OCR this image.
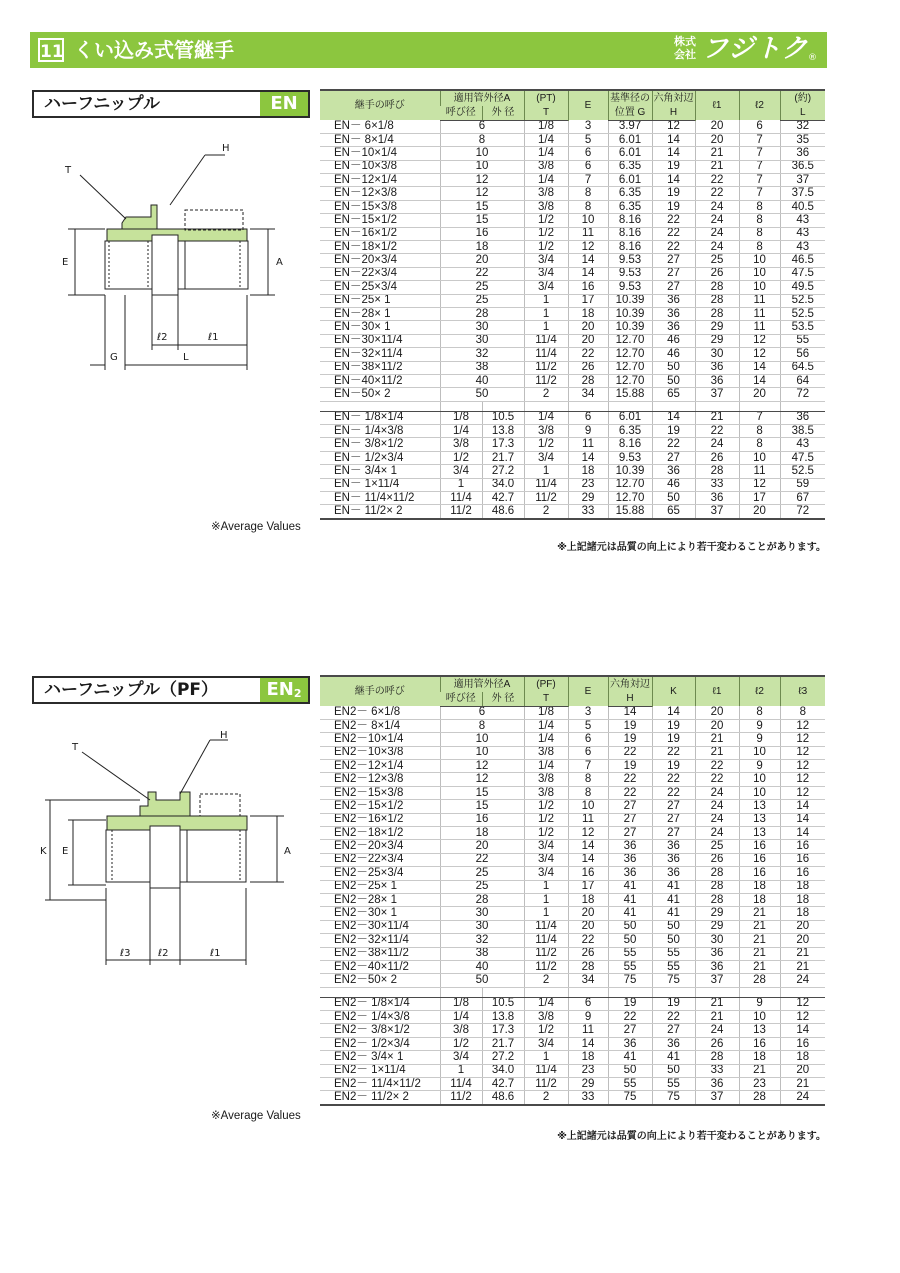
11 くい込み式管継手	株式会社 フジトク ®
ハーフニップル	EN
T
H
E	A
ℓ2	ℓ1
G	L
継手の呼び	適用管外径A		(PT)	E	基準径の	六角対辺	ℓ1	ℓ2	(約)
	呼び径	外 径	T		位置 G	H			L
EN－ 6×1/8	6		1/8	3	3.97	12	20	6	32
EN－ 8×1/4	8		1/4	5	6.01	14	20	7	35
EN－10×1/4	10		1/4	6	6.01	14	21	7	36
EN－10×3/8	10		3/8	6	6.35	19	21	7	36.5
EN－12×1/4	12		1/4	7	6.01	14	22	7	37
EN－12×3/8	12		3/8	8	6.35	19	22	7	37.5
EN－15×3/8	15		3/8	8	6.35	19	24	8	40.5
EN－15×1/2	15		1/2	10	8.16	22	24	8	43
EN－16×1/2	16		1/2	11	8.16	22	24	8	43
EN－18×1/2	18		1/2	12	8.16	22	24	8	43
EN－20×3/4	20		3/4	14	9.53	27	25	10	46.5
EN－22×3/4	22		3/4	14	9.53	27	26	10	47.5
EN－25×3/4	25		3/4	16	9.53	27	28	10	49.5
EN－25× 1	25		1	17	10.39	36	28	11	52.5
EN－28× 1	28		1	18	10.39	36	28	11	52.5
EN－30× 1	30		1	20	10.39	36	29	11	53.5
EN－30×11/4	30		11/4	20	12.70	46	29	12	55
EN－32×11/4	32		11/4	22	12.70	46	30	12	56
EN－38×11/2	38		11/2	26	12.70	50	36	14	64.5
EN－40×11/2	40		11/2	28	12.70	50	36	14	64
EN－50× 2	50		2	34	15.88	65	37	20	72

EN－ 1/8×1/4	1/8	10.5	1/4	6	6.01	14	21	7	36
EN－ 1/4×3/8	1/4	13.8	3/8	9	6.35	19	22	8	38.5
EN－ 3/8×1/2	3/8	17.3	1/2	11	8.16	22	24	8	43
EN－ 1/2×3/4	1/2	21.7	3/4	14	9.53	27	26	10	47.5
EN－ 3/4× 1	3/4	27.2	1	18	10.39	36	28	11	52.5
EN－ 1×11/4	1	34.0	11/4	23	12.70	46	33	12	59
EN－ 11/4×11/2	11/4	42.7	11/2	29	12.70	50	36	17	67
EN－ 11/2× 2	11/2	48.6	2	33	15.88	65	37	20	72
※Average Values
※上記諸元は品質の向上により若干変わることがあります。
ハーフニップル（PF）	$EN_2$
T
H
K E	A
ℓ3	ℓ2	ℓ1
継手の呼び	適用管外径A		(PF)	E	六角対辺	K	ℓ1	ℓ2	ℓ3
	呼び径	外 径	T		H				
EN2－ 6×1/8	6		1/8	3	14	14	20	8	8
EN2－ 8×1/4	8		1/4	5	19	19	20	9	12
EN2－10×1/4	10		1/4	6	19	19	21	9	12
EN2－10×3/8	10		3/8	6	22	22	21	10	12
EN2－12×1/4	12		1/4	7	19	19	22	9	12
EN2－12×3/8	12		3/8	8	22	22	22	10	12
EN2－15×3/8	15		3/8	8	22	22	24	10	12
EN2－15×1/2	15		1/2	10	27	27	24	13	14
EN2－16×1/2	16		1/2	11	27	27	24	13	14
EN2－18×1/2	18		1/2	12	27	27	24	13	14
EN2－20×3/4	20		3/4	14	36	36	25	16	16
EN2－22×3/4	22		3/4	14	36	36	26	16	16
EN2－25×3/4	25		3/4	16	36	36	28	16	16
EN2－25× 1	25		1	17	41	41	28	18	18
EN2－28× 1	28		1	18	41	41	28	18	18
EN2－30× 1	30		1	20	41	41	29	21	18
EN2－30×11/4	30		11/4	20	50	50	29	21	20
EN2－32×11/4	32		11/4	22	50	50	30	21	20
EN2－38×11/2	38		11/2	26	55	55	36	21	21
EN2－40×11/2	40		11/2	28	55	55	36	21	21
EN2－50× 2	50		2	34	75	75	37	28	24

EN2－ 1/8×1/4	1/8	10.5	1/4	6	19	19	21	9	12
EN2－ 1/4×3/8	1/4	13.8	3/8	9	22	22	21	10	12
EN2－ 3/8×1/2	3/8	17.3	1/2	11	27	27	24	13	14
EN2－ 1/2×3/4	1/2	21.7	3/4	14	36	36	26	16	16
EN2－ 3/4× 1	3/4	27.2	1	18	41	41	28	18	18
EN2－ 1×11/4	1	34.0	11/4	23	50	50	33	21	20
EN2－ 11/4×11/2	11/4	42.7	11/2	29	55	55	36	23	21
EN2－ 11/2× 2	11/2	48.6	2	33	75	75	37	28	24
※Average Values
※上記諸元は品質の向上により若干変わることがあります。
